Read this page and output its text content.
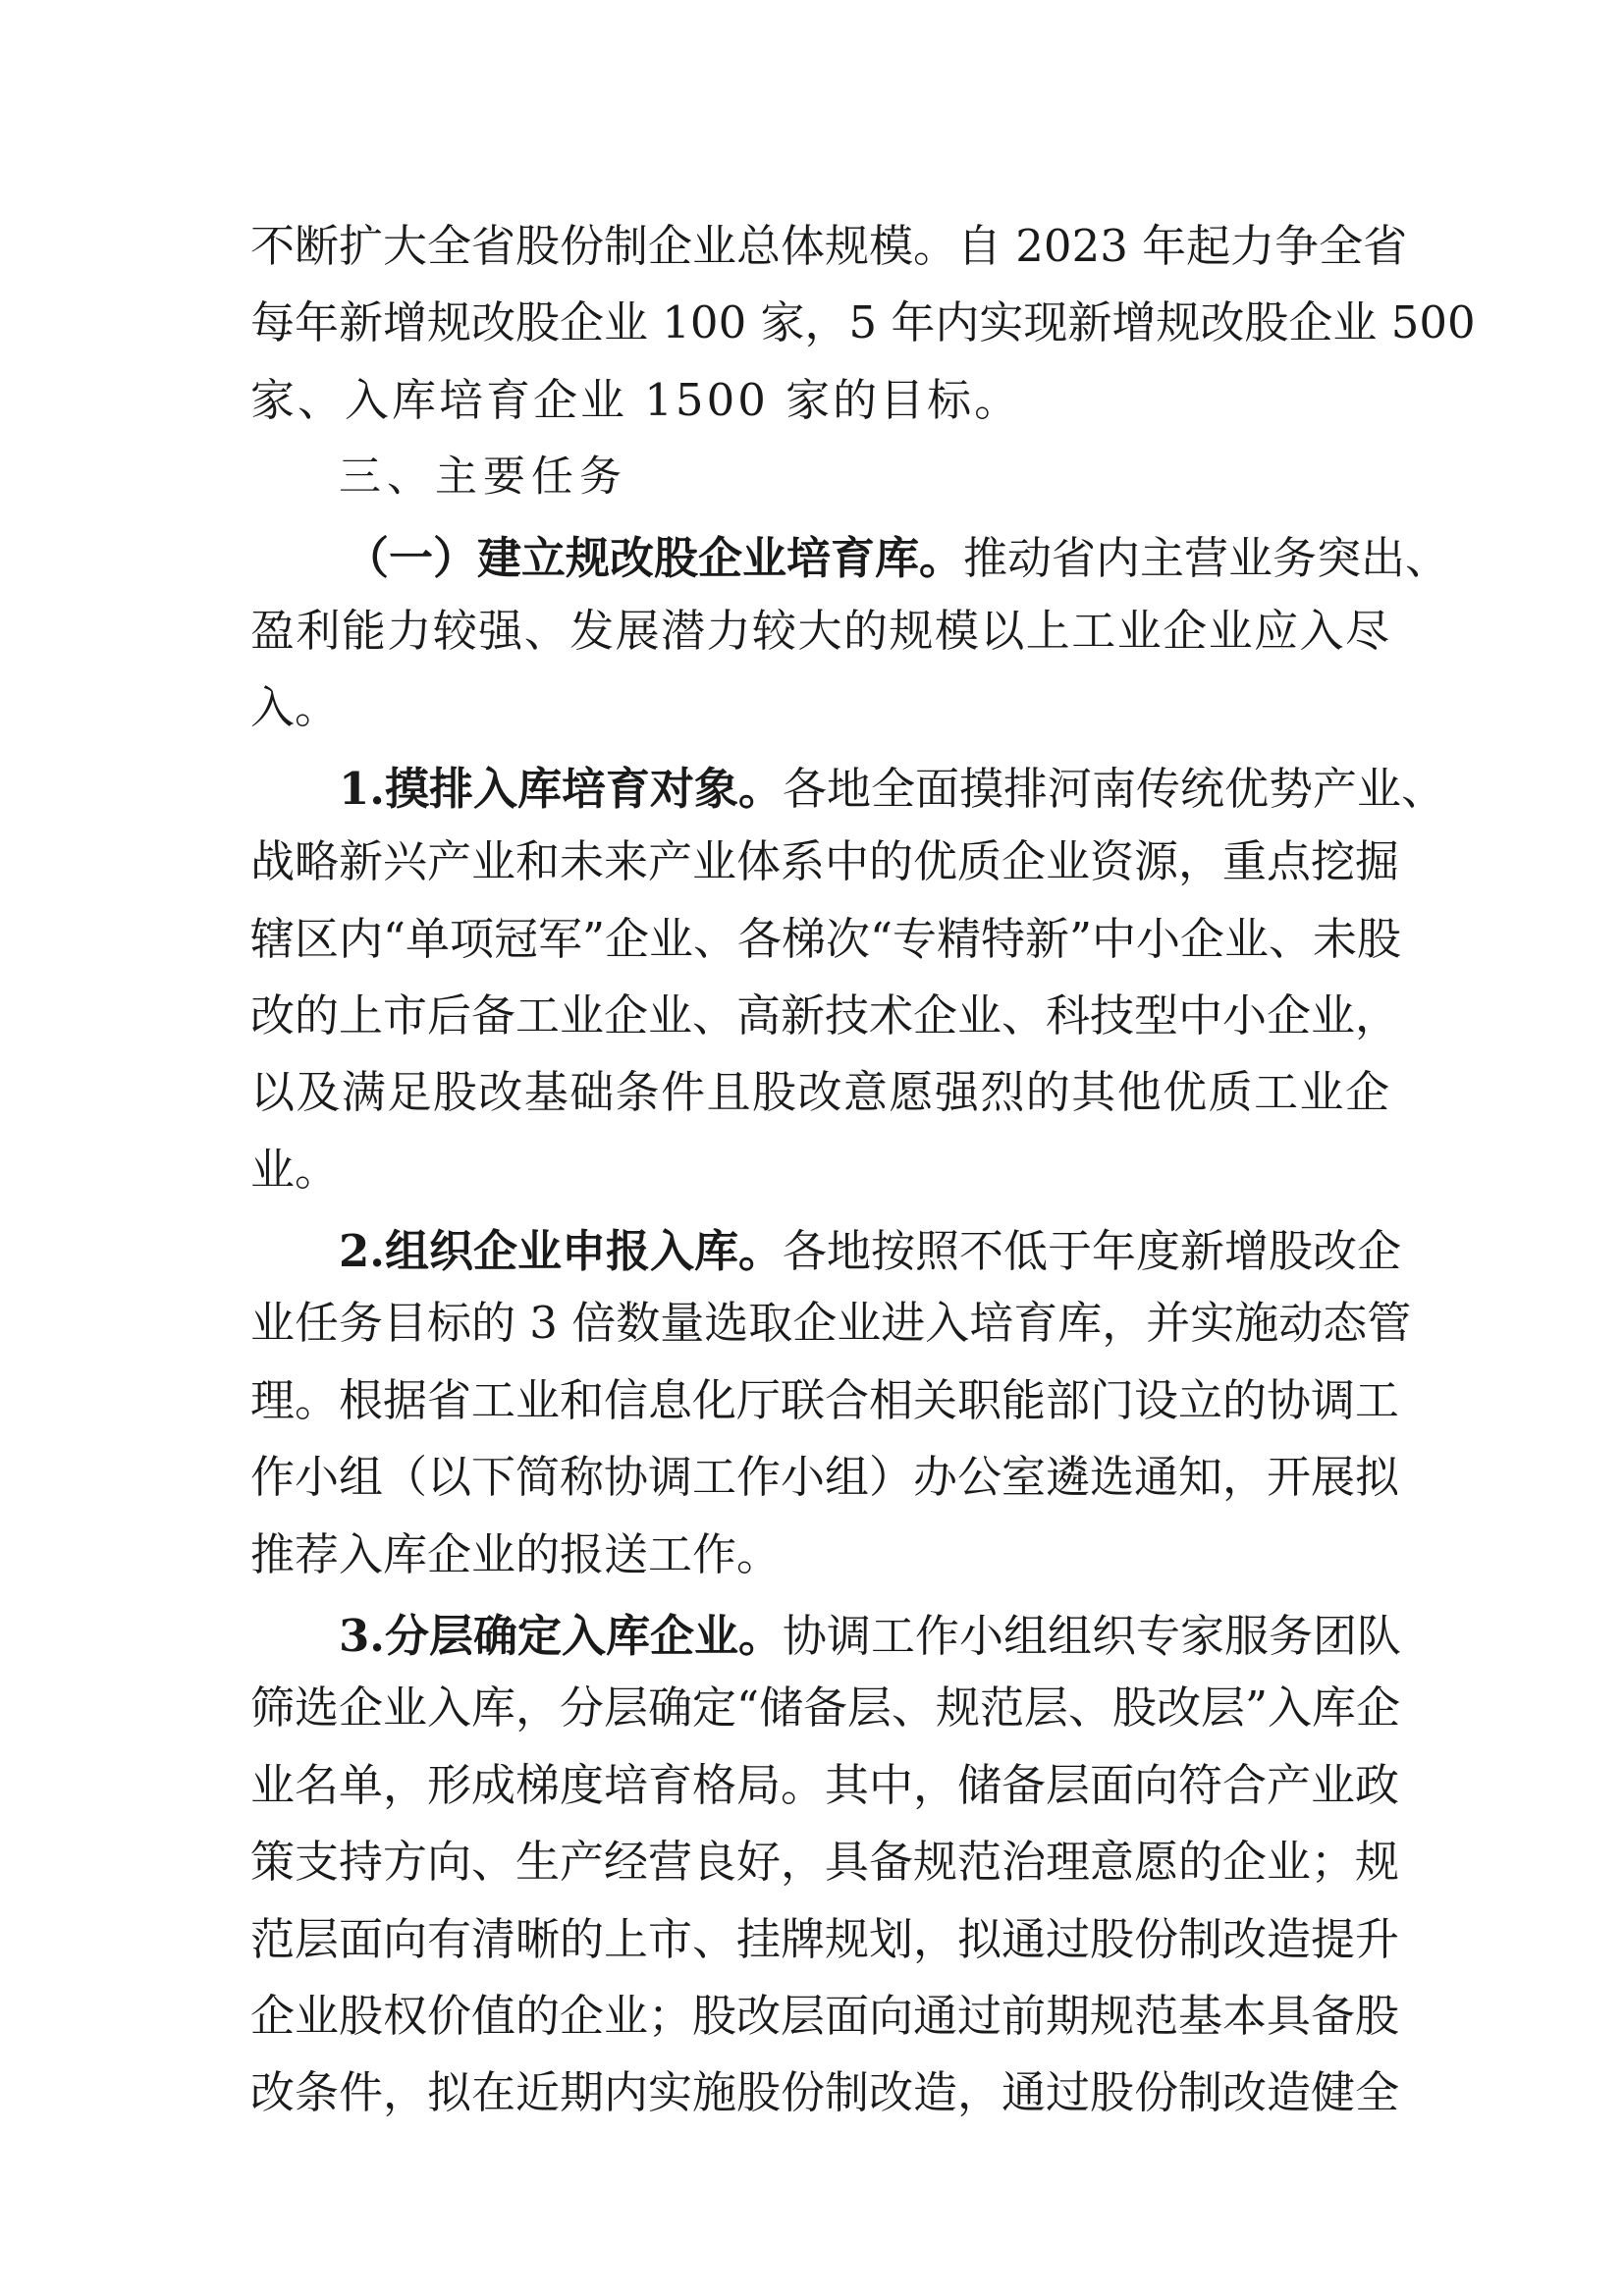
不断扩大全省股份制企业总体规模。自 2023 年起力争全省
每年新增规改股企业 100 家，5 年内实现新增规改股企业 500
家、入库培育企业 1500 家的目标。
三、主要任务
（一）建立规改股企业培育库。 推动省内主营业务突出、
盈利能力较强、发展潜力较大的规模以上工业企业应入尽
入。
1.摸排入库培育对象。 各地全面摸排河南传统优势产业、
战略新兴产业和未来产业体系中的优质企业资源，重点挖掘
辖区内“单项冠军”企业、各梯次“专精特新”中小企业、未股
改的上市后备工业企业、高新技术企业、科技型中小企业，
以及满足股改基础条件且股改意愿强烈的其他优质工业企
业。
2.组织企业申报入库。 各地按照不低于年度新增股改企
业任务目标的 3 倍数量选取企业进入培育库，并实施动态管
理。根据省工业和信息化厅联合相关职能部门设立的协调工
作小组（以下简称协调工作小组）办公室遴选通知，开展拟
推荐入库企业的报送工作。
3.分层确定入库企业。 协调工作小组组织专家服务团队
筛选企业入库，分层确定“储备层、规范层、股改层”入库企
业名单，形成梯度培育格局。其中，储备层面向符合产业政
策支持方向、生产经营良好，具备规范治理意愿的企业；规
范层面向有清晰的上市、挂牌规划，拟通过股份制改造提升
企业股权价值的企业；股改层面向通过前期规范基本具备股
改条件，拟在近期内实施股份制改造，通过股份制改造健全
